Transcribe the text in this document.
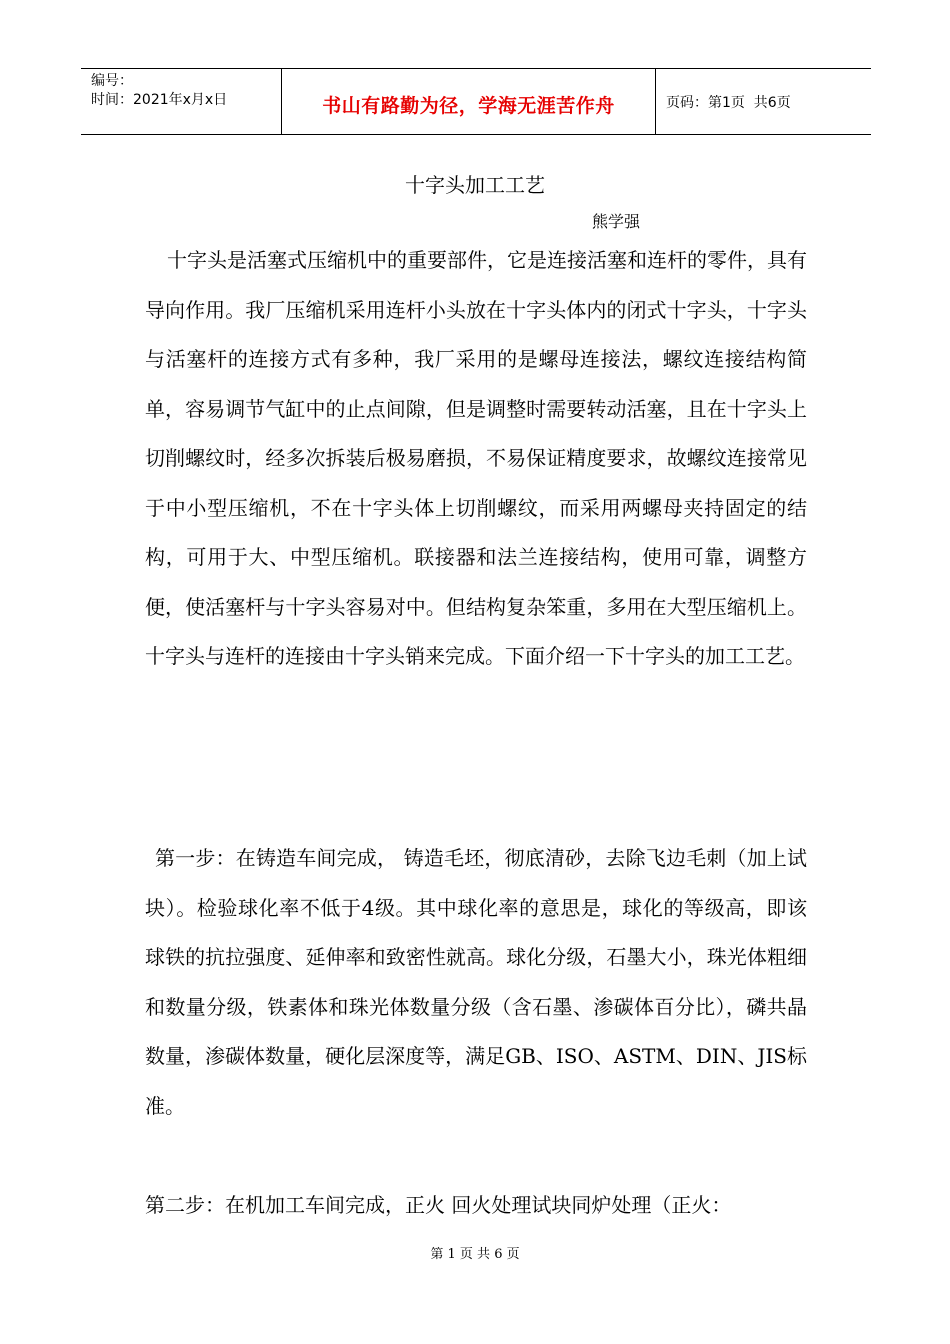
编号：
时间：2021年x月x日	书山有路勤为径，学海无涯苦作舟	页码：第1页  共6页
十字头加工工艺
熊学强

十字头是活塞式压缩机中的重要部件，它是连接活塞和连杆的零件，具有导向作用。我厂压缩机采用连杆小头放在十字头体内的闭式十字头，十字头与活塞杆的连接方式有多种，我厂采用的是螺母连接法，螺纹连接结构简单，容易调节气缸中的止点间隙，但是调整时需要转动活塞，且在十字头上切削螺纹时，经多次拆装后极易磨损，不易保证精度要求，故螺纹连接常见于中小型压缩机，不在十字头体上切削螺纹，而采用两螺母夹持固定的结构，可用于大、中型压缩机。联接器和法兰连接结构，使用可靠，调整方便，使活塞杆与十字头容易对中。但结构复杂笨重，多用在大型压缩机上。十字头与连杆的连接由十字头销来完成。下面介绍一下十字头的加工工艺。

第一步：在铸造车间完成， 铸造毛坯，彻底清砂，去除飞边毛刺（加上试块）。检验球化率不低于4级。其中球化率的意思是，球化的等级高，即该球铁的抗拉强度、延伸率和致密性就高。球化分级，石墨大小，珠光体粗细和数量分级，铁素体和珠光体数量分级（含石墨、渗碳体百分比），磷共晶数量，渗碳体数量，硬化层深度等，满足GB、ISO、ASTM、DIN、JIS标准。

第二步：在机加工车间完成，正火 回火处理试块同炉处理（正火：

第 1 页 共 6 页
